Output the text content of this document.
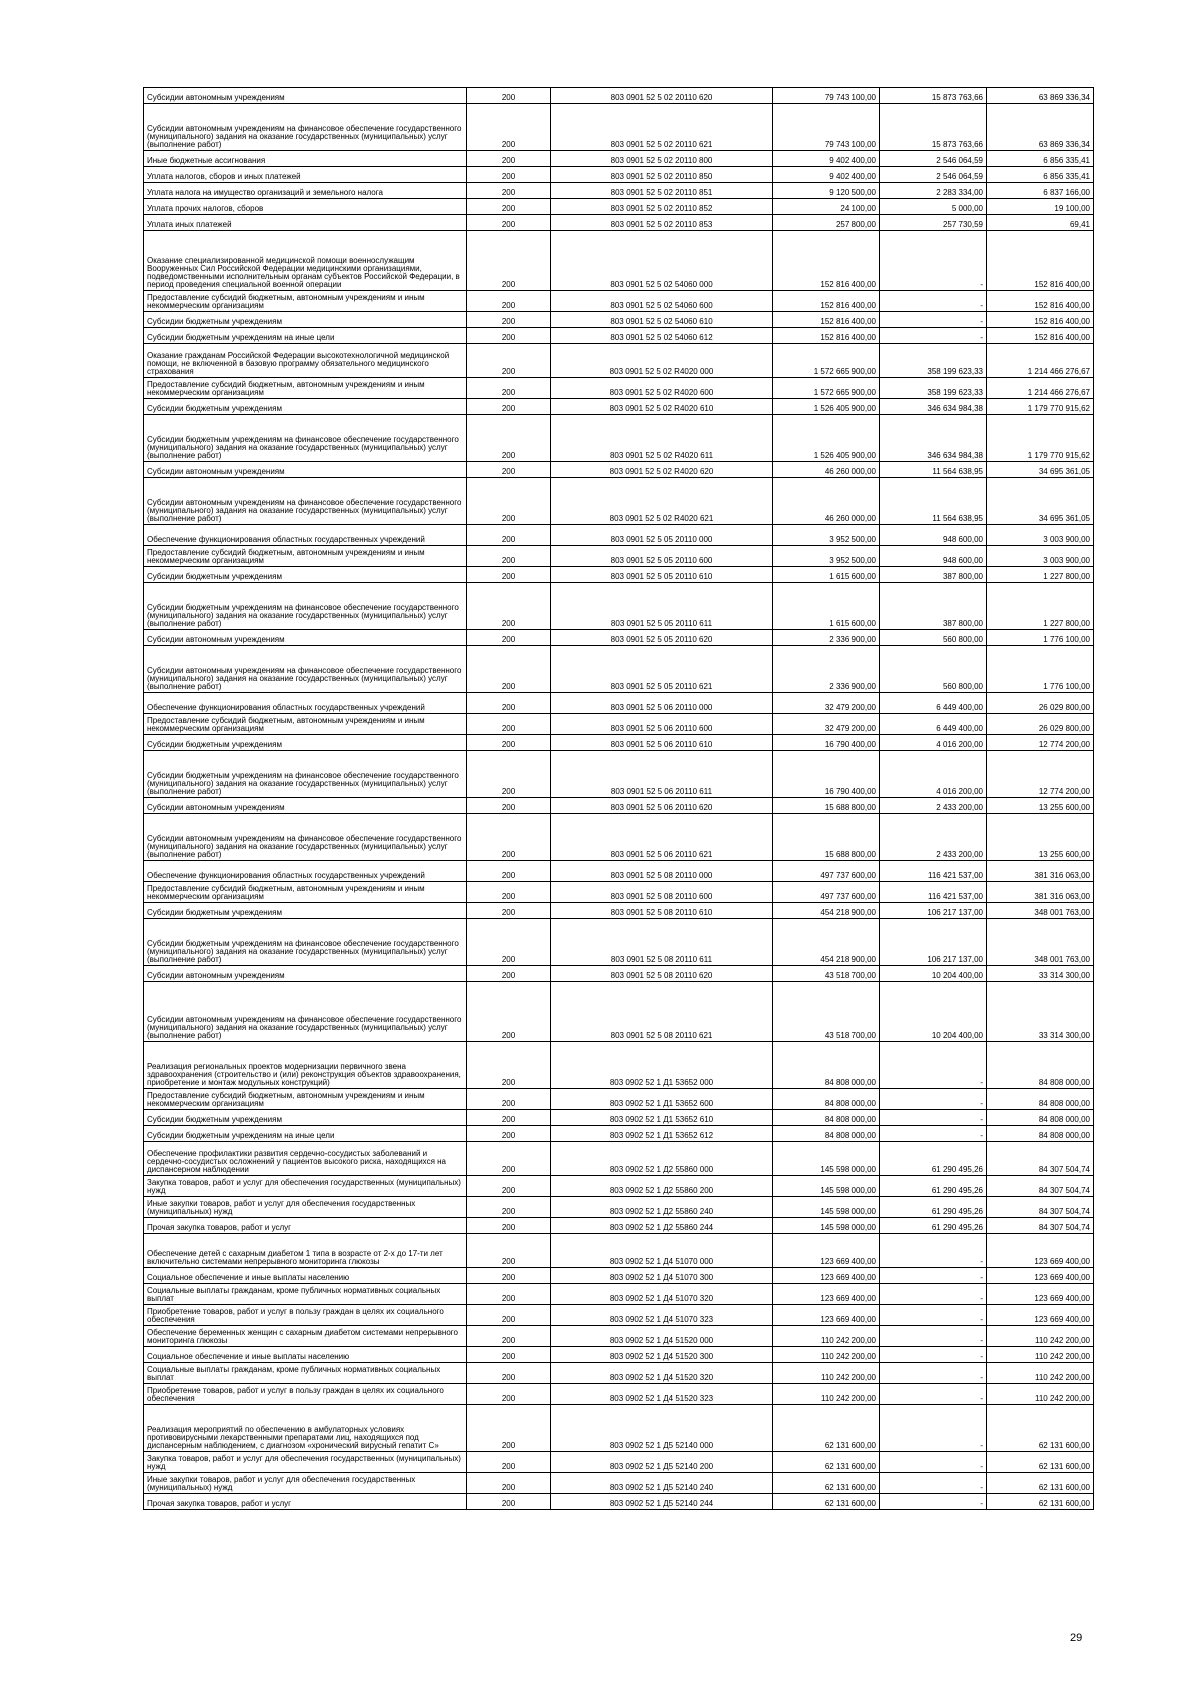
Субсидии автономным учреждениям	200	803 0901 52 5 02 20110 620	79 743 100,00	15 873 763,66	63 869 336,34
Субсидии автономным учреждениям на финансовое обеспечение государственного (муниципального) задания на оказание государственных (муниципальных) услуг (выполнение работ)	200	803 0901 52 5 02 20110 621	79 743 100,00	15 873 763,66	63 869 336,34
Иные бюджетные ассигнования	200	803 0901 52 5 02 20110 800	9 402 400,00	2 546 064,59	6 856 335,41
Уплата налогов, сборов и иных платежей	200	803 0901 52 5 02 20110 850	9 402 400,00	2 546 064,59	6 856 335,41
Уплата налога на имущество организаций и земельного налога	200	803 0901 52 5 02 20110 851	9 120 500,00	2 283 334,00	6 837 166,00
Уплата прочих налогов, сборов	200	803 0901 52 5 02 20110 852	24 100,00	5 000,00	19 100,00
Уплата иных платежей	200	803 0901 52 5 02 20110 853	257 800,00	257 730,59	69,41
Оказание специализированной медицинской помощи военнослужащим Вооруженных Сил Российской Федерации медицинскими организациями, подведомственными исполнительным органам субъектов Российской Федерации, в период проведения специальной военной операции	200	803 0901 52 5 02 54060 000	152 816 400,00	-	152 816 400,00
Предоставление субсидий бюджетным, автономным учреждениям и иным некоммерческим организациям	200	803 0901 52 5 02 54060 600	152 816 400,00	-	152 816 400,00
Субсидии бюджетным учреждениям	200	803 0901 52 5 02 54060 610	152 816 400,00	-	152 816 400,00
Субсидии бюджетным учреждениям на иные цели	200	803 0901 52 5 02 54060 612	152 816 400,00	-	152 816 400,00
Оказание гражданам Российской Федерации высокотехнологичной медицинской помощи, не включенной в базовую программу обязательного медицинского страхования	200	803 0901 52 5 02 R4020 000	1 572 665 900,00	358 199 623,33	1 214 466 276,67
Предоставление субсидий бюджетным, автономным учреждениям и иным некоммерческим организациям	200	803 0901 52 5 02 R4020 600	1 572 665 900,00	358 199 623,33	1 214 466 276,67
Субсидии бюджетным учреждениям	200	803 0901 52 5 02 R4020 610	1 526 405 900,00	346 634 984,38	1 179 770 915,62
Субсидии бюджетным учреждениям на финансовое обеспечение государственного (муниципального) задания на оказание государственных (муниципальных) услуг (выполнение работ)	200	803 0901 52 5 02 R4020 611	1 526 405 900,00	346 634 984,38	1 179 770 915,62
Субсидии автономным учреждениям	200	803 0901 52 5 02 R4020 620	46 260 000,00	11 564 638,95	34 695 361,05
Субсидии автономным учреждениям на финансовое обеспечение государственного (муниципального) задания на оказание государственных (муниципальных) услуг (выполнение работ)	200	803 0901 52 5 02 R4020 621	46 260 000,00	11 564 638,95	34 695 361,05
Обеспечение функционирования областных государственных учреждений	200	803 0901 52 5 05 20110 000	3 952 500,00	948 600,00	3 003 900,00
Предоставление субсидий бюджетным, автономным учреждениям и иным некоммерческим организациям	200	803 0901 52 5 05 20110 600	3 952 500,00	948 600,00	3 003 900,00
Субсидии бюджетным учреждениям	200	803 0901 52 5 05 20110 610	1 615 600,00	387 800,00	1 227 800,00
Субсидии бюджетным учреждениям на финансовое обеспечение государственного (муниципального) задания на оказание государственных (муниципальных) услуг (выполнение работ)	200	803 0901 52 5 05 20110 611	1 615 600,00	387 800,00	1 227 800,00
Субсидии автономным учреждениям	200	803 0901 52 5 05 20110 620	2 336 900,00	560 800,00	1 776 100,00
Субсидии автономным учреждениям на финансовое обеспечение государственного (муниципального) задания на оказание государственных (муниципальных) услуг (выполнение работ)	200	803 0901 52 5 05 20110 621	2 336 900,00	560 800,00	1 776 100,00
Обеспечение функционирования областных государственных учреждений	200	803 0901 52 5 06 20110 000	32 479 200,00	6 449 400,00	26 029 800,00
Предоставление субсидий бюджетным, автономным учреждениям и иным некоммерческим организациям	200	803 0901 52 5 06 20110 600	32 479 200,00	6 449 400,00	26 029 800,00
Субсидии бюджетным учреждениям	200	803 0901 52 5 06 20110 610	16 790 400,00	4 016 200,00	12 774 200,00
Субсидии бюджетным учреждениям на финансовое обеспечение государственного (муниципального) задания на оказание государственных (муниципальных) услуг (выполнение работ)	200	803 0901 52 5 06 20110 611	16 790 400,00	4 016 200,00	12 774 200,00
Субсидии автономным учреждениям	200	803 0901 52 5 06 20110 620	15 688 800,00	2 433 200,00	13 255 600,00
Субсидии автономным учреждениям на финансовое обеспечение государственного (муниципального) задания на оказание государственных (муниципальных) услуг (выполнение работ)	200	803 0901 52 5 06 20110 621	15 688 800,00	2 433 200,00	13 255 600,00
Обеспечение функционирования областных государственных учреждений	200	803 0901 52 5 08 20110 000	497 737 600,00	116 421 537,00	381 316 063,00
Предоставление субсидий бюджетным, автономным учреждениям и иным некоммерческим организациям	200	803 0901 52 5 08 20110 600	497 737 600,00	116 421 537,00	381 316 063,00
Субсидии бюджетным учреждениям	200	803 0901 52 5 08 20110 610	454 218 900,00	106 217 137,00	348 001 763,00
Субсидии бюджетным учреждениям на финансовое обеспечение государственного (муниципального) задания на оказание государственных (муниципальных) услуг (выполнение работ)	200	803 0901 52 5 08 20110 611	454 218 900,00	106 217 137,00	348 001 763,00
Субсидии автономным учреждениям	200	803 0901 52 5 08 20110 620	43 518 700,00	10 204 400,00	33 314 300,00
Субсидии автономным учреждениям на финансовое обеспечение государственного (муниципального) задания на оказание государственных (муниципальных) услуг (выполнение работ)	200	803 0901 52 5 08 20110 621	43 518 700,00	10 204 400,00	33 314 300,00
Реализация региональных проектов модернизации первичного звена здравоохранения (строительство и (или) реконструкция объектов здравоохранения, приобретение и монтаж модульных конструкций)	200	803 0902 52 1 Д1 53652 000	84 808 000,00	-	84 808 000,00
Предоставление субсидий бюджетным, автономным учреждениям и иным некоммерческим организациям	200	803 0902 52 1 Д1 53652 600	84 808 000,00	-	84 808 000,00
Субсидии бюджетным учреждениям	200	803 0902 52 1 Д1 53652 610	84 808 000,00	-	84 808 000,00
Субсидии бюджетным учреждениям на иные цели	200	803 0902 52 1 Д1 53652 612	84 808 000,00	-	84 808 000,00
Обеспечение профилактики развития сердечно-сосудистых заболеваний и сердечно-сосудистых осложнений у пациентов высокого риска, находящихся на диспансерном наблюдении	200	803 0902 52 1 Д2 55860 000	145 598 000,00	61 290 495,26	84 307 504,74
Закупка товаров, работ и услуг для обеспечения государственных (муниципальных) нужд	200	803 0902 52 1 Д2 55860 200	145 598 000,00	61 290 495,26	84 307 504,74
Иные закупки товаров, работ и услуг для обеспечения государственных (муниципальных) нужд	200	803 0902 52 1 Д2 55860 240	145 598 000,00	61 290 495,26	84 307 504,74
Прочая закупка товаров, работ и услуг	200	803 0902 52 1 Д2 55860 244	145 598 000,00	61 290 495,26	84 307 504,74
Обеспечение детей с сахарным диабетом 1 типа в возрасте от 2-х до 17-ти лет включительно системами непрерывного мониторинга глюкозы	200	803 0902 52 1 Д4 51070 000	123 669 400,00	-	123 669 400,00
Социальное обеспечение и иные выплаты населению	200	803 0902 52 1 Д4 51070 300	123 669 400,00	-	123 669 400,00
Социальные выплаты гражданам, кроме публичных нормативных социальных выплат	200	803 0902 52 1 Д4 51070 320	123 669 400,00	-	123 669 400,00
Приобретение товаров, работ и услуг в пользу граждан в целях их социального обеспечения	200	803 0902 52 1 Д4 51070 323	123 669 400,00	-	123 669 400,00
Обеспечение беременных женщин с сахарным диабетом системами непрерывного мониторинга глюкозы	200	803 0902 52 1 Д4 51520 000	110 242 200,00	-	110 242 200,00
Социальное обеспечение и иные выплаты населению	200	803 0902 52 1 Д4 51520 300	110 242 200,00	-	110 242 200,00
Социальные выплаты гражданам, кроме публичных нормативных социальных выплат	200	803 0902 52 1 Д4 51520 320	110 242 200,00	-	110 242 200,00
Приобретение товаров, работ и услуг в пользу граждан в целях их социального обеспечения	200	803 0902 52 1 Д4 51520 323	110 242 200,00	-	110 242 200,00
Реализация мероприятий по обеспечению в амбулаторных условиях противовирусными лекарственными препаратами лиц, находящихся под диспансерным наблюдением, с диагнозом «хронический вирусный гепатит С»	200	803 0902 52 1 Д5 52140 000	62 131 600,00	-	62 131 600,00
Закупка товаров, работ и услуг для обеспечения государственных (муниципальных) нужд	200	803 0902 52 1 Д5 52140 200	62 131 600,00	-	62 131 600,00
Иные закупки товаров, работ и услуг для обеспечения государственных (муниципальных) нужд	200	803 0902 52 1 Д5 52140 240	62 131 600,00	-	62 131 600,00
Прочая закупка товаров, работ и услуг	200	803 0902 52 1 Д5 52140 244	62 131 600,00	-	62 131 600,00
29
